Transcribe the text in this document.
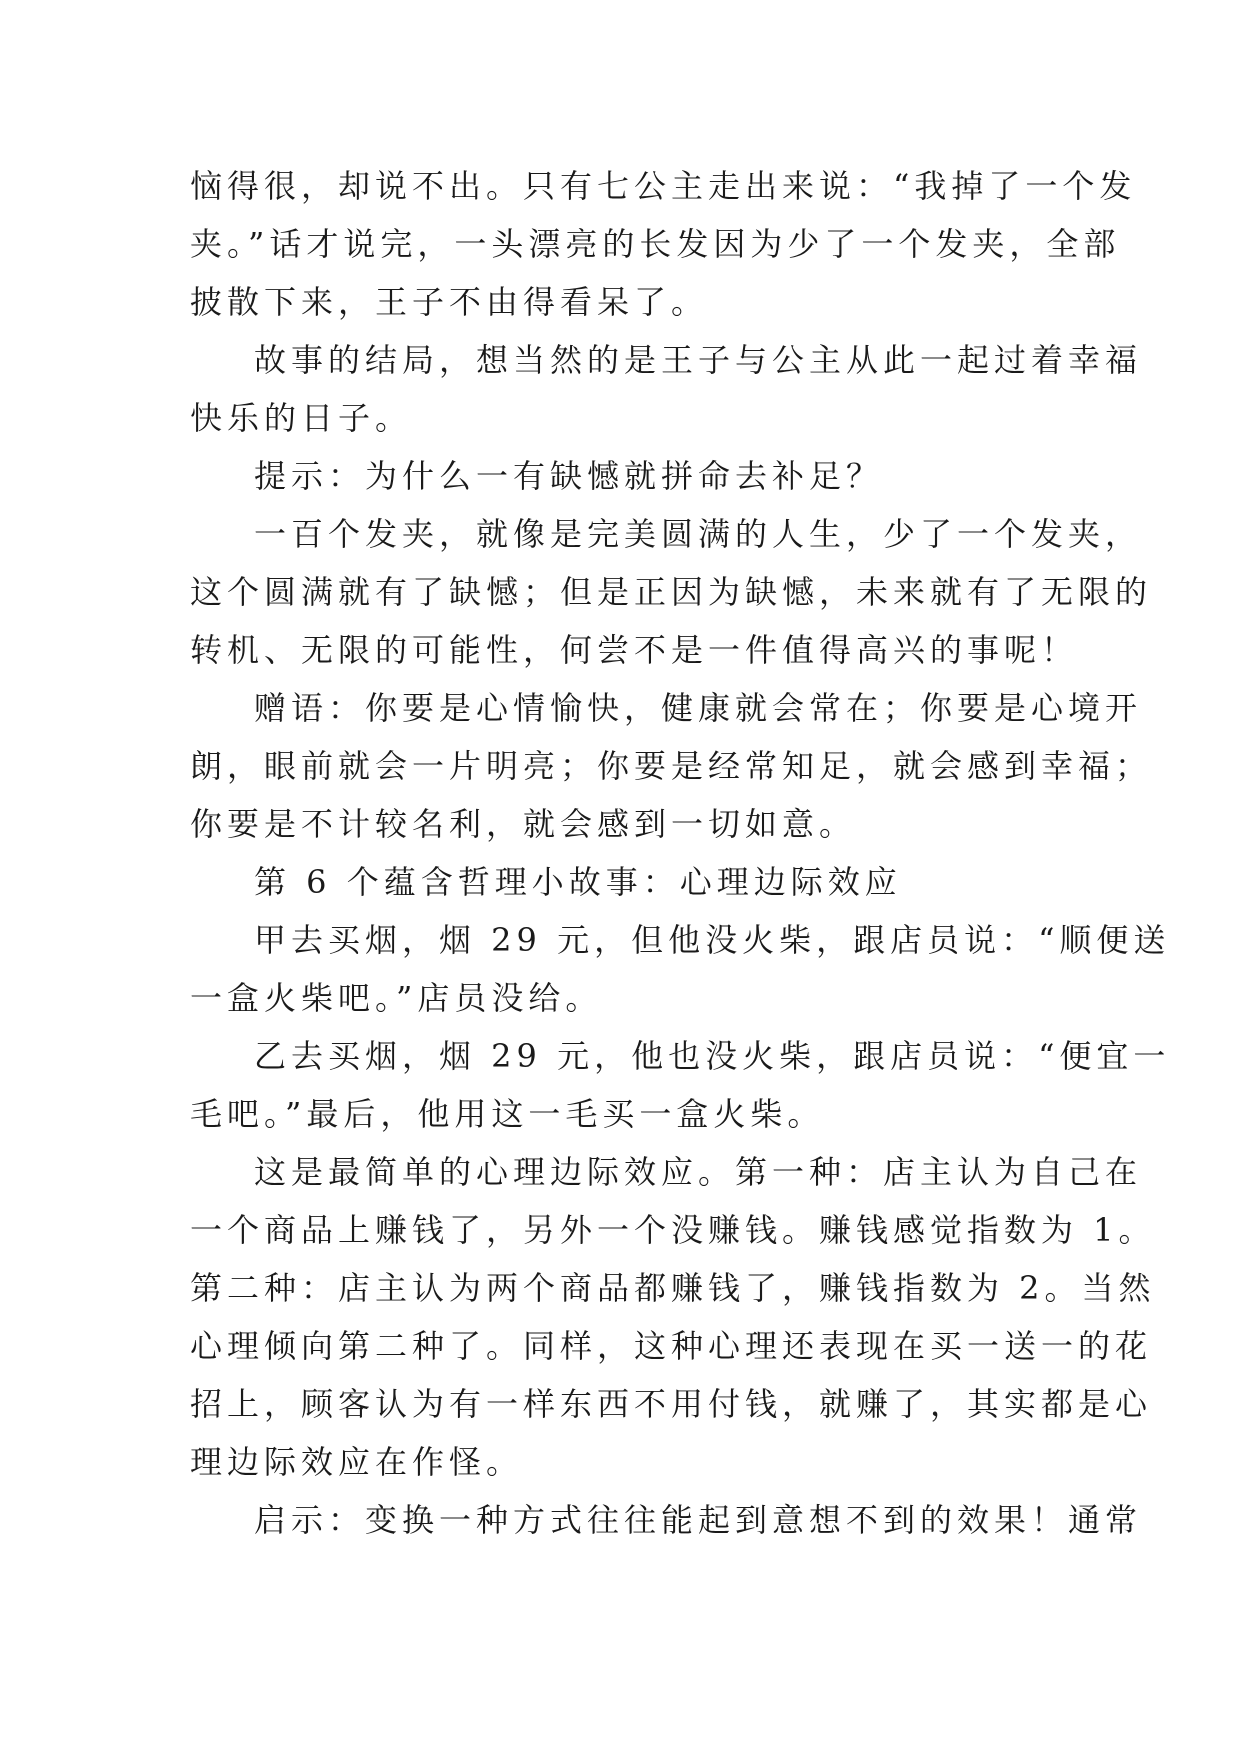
恼得很，却说不出。只有七公主走出来说：“我掉了一个发

夹。”话才说完，一头漂亮的长发因为少了一个发夹，全部

披散下来，王子不由得看呆了。

故事的结局，想当然的是王子与公主从此一起过着幸福

快乐的日子。

提示：为什么一有缺憾就拼命去补足？

一百个发夹，就像是完美圆满的人生，少了一个发夹，

这个圆满就有了缺憾；但是正因为缺憾，未来就有了无限的

转机、无限的可能性，何尝不是一件值得高兴的事呢！

赠语：你要是心情愉快，健康就会常在；你要是心境开

朗，眼前就会一片明亮；你要是经常知足，就会感到幸福；

你要是不计较名利，就会感到一切如意。

第 6 个蕴含哲理小故事：心理边际效应

甲去买烟，烟 29 元，但他没火柴，跟店员说：“顺便送

一盒火柴吧。”店员没给。

乙去买烟，烟 29 元，他也没火柴，跟店员说：“便宜一

毛吧。”最后，他用这一毛买一盒火柴。

这是最简单的心理边际效应。第一种：店主认为自己在

一个商品上赚钱了，另外一个没赚钱。赚钱感觉指数为 1。

第二种：店主认为两个商品都赚钱了，赚钱指数为 2。当然

心理倾向第二种了。同样，这种心理还表现在买一送一的花

招上，顾客认为有一样东西不用付钱，就赚了，其实都是心

理边际效应在作怪。

启示：变换一种方式往往能起到意想不到的效果！通常
